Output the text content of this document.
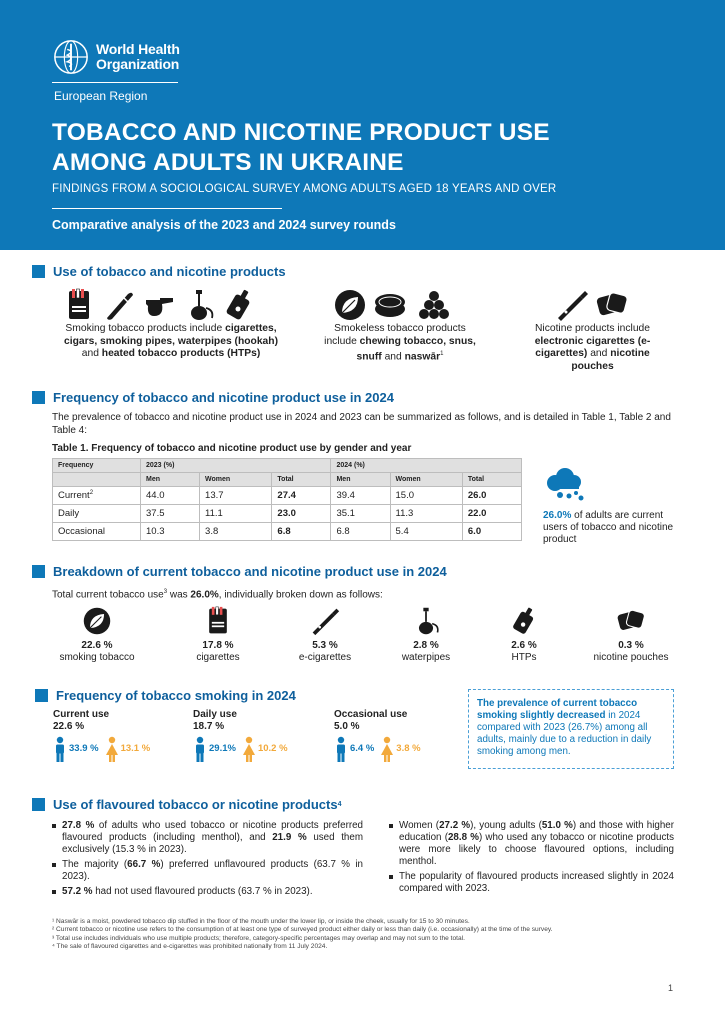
World Health
Organization
European Region
TOBACCO AND NICOTINE PRODUCT USE
AMONG ADULTS IN UKRAINE
FINDINGS FROM A SOCIOLOGICAL SURVEY AMONG ADULTS AGED 18 YEARS AND OVER
Comparative analysis of the 2023 and 2024 survey rounds
Use of tobacco and nicotine products
Smoking tobacco products include cigarettes, cigars, smoking pipes, waterpipes (hookah) and heated tobacco products (HTPs)
Smokeless tobacco products include chewing tobacco, snus, snuff and naswār$^1$
Nicotine products include electronic cigarettes (e-cigarettes) and nicotine pouches
Frequency of tobacco and nicotine product use in 2024
The prevalence of tobacco and nicotine product use in 2024 and 2023 can be summarized as follows, and is detailed in Table 1, Table 2 and Table 4:
Table 1. Frequency of tobacco and nicotine product use by gender and year
Frequency	2023 (%)			2024 (%)		
	Men	Women	Total	Men	Women	Total
Current$^2$	44.0	13.7	27.4	39.4	15.0	26.0
Daily	37.5	11.1	23.0	35.1	11.3	22.0
Occasional	10.3	3.8	6.8	6.8	5.4	6.0
26.0% of adults are current users of tobacco and nicotine product
Breakdown of current tobacco and nicotine product use in 2024
Total current tobacco use$^3$ was 26.0%, individually broken down as follows:
22.6 %
smoking tobacco
17.8 %
cigarettes
5.3 %
e-cigarettes
2.8 %
waterpipes
2.6 %
HTPs
0.3 %
nicotine pouches
Frequency of tobacco smoking in 2024
Current use
22.6 %
33.9 % 13.1 %
Daily use
18.7 %
29.1% 10.2 %
Occasional use
5.0 %
6.4 % 3.8 %
The prevalence of current tobacco smoking slightly decreased in 2024 compared with 2023 (26.7%) among all adults, mainly due to a reduction in daily smoking among men.
Use of flavoured tobacco or nicotine products 4
27.8 % of adults who used tobacco or nicotine products preferred flavoured products (including menthol), and 21.9 % used them exclusively (15.3 % in 2023).
The majority (66.7 %) preferred unflavoured products (63.7 % in 2023).
57.2 % had not used flavoured products (63.7 % in 2023).
Women (27.2 %), young adults (51.0 %) and those with higher education (28.8 %) who used any tobacco or nicotine products were more likely to choose flavoured options, including menthol.
The popularity of flavoured products increased slightly in 2024 compared with 2023.
¹ Naswār is a moist, powdered tobacco dip stuffed in the floor of the mouth under the lower lip, or inside the cheek, usually for 15 to 30 minutes.
² Current tobacco or nicotine use refers to the consumption of at least one type of surveyed product either daily or less than daily (i.e. occasionally) at the time of the survey.
³ Total use includes individuals who use multiple products; therefore, category-specific percentages may overlap and may not sum to the total.
⁴ The sale of flavoured cigarettes and e-cigarettes was prohibited nationally from 11 July 2024.
1
